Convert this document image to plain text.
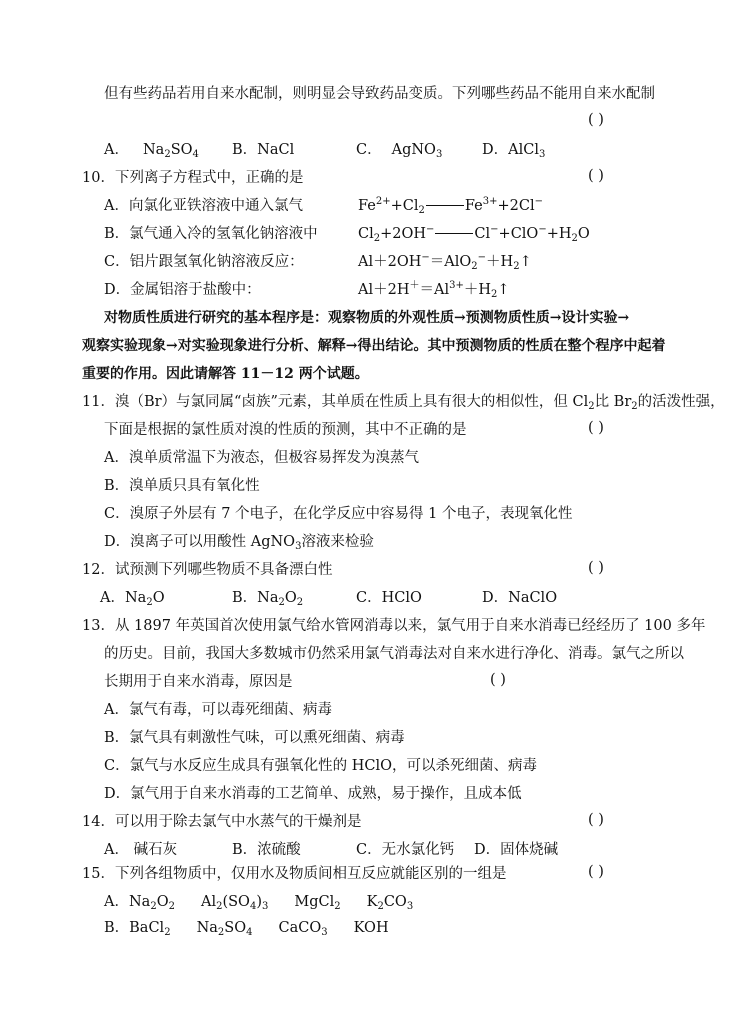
但有些药品若用自来水配制，则明显会导致药品变质。下列哪些药品不能用自来水配制
( )
A． $Na_2SO_4$ B．NaCl	C． AgNO$_3$	D．AlCl$_3$
10．下列离子方程式中，正确的是	( )
A．向氯化亚铁溶液中通入氯气	$Fe^{2+}+Cl_2$	$Fe^{3+}+2Cl^-$
B．氯气通入冷的氢氧化钠溶液中	$Cl_2+2OH^-$	$Cl^-+ClO^-+H_2O$
C．铝片跟氢氧化钠溶液反应：	$Al+2OH^-=AlO_2^-+H_2↑$
D．金属铝溶于盐酸中：	$Al+2H^+=Al^{3+}+H_2↑$
对物质性质进行研究的基本程序是：观察物质的外观性质→预测物质性质→设计实验→
观察实验现象→对实验现象进行分析、解释→得出结论。其中预测物质的性质在整个程序中起着
重要的作用。因此请解答 11－12 两个试题。
11．溴（Br）与氯同属“卤族”元素，其单质在性质上具有很大的相似性，但 $Cl_2$比 $Br_2$的活泼性强，
下面是根据的氯性质对溴的性质的预测，其中不正确的是	( )
A．溴单质常温下为液态，但极容易挥发为溴蒸气
B．溴单质只具有氧化性
C．溴原子外层有 7 个电子，在化学反应中容易得 1 个电子，表现氧化性
D．溴离子可以用酸性 AgNO$_3$溶液来检验
12．试预测下列哪些物质不具备漂白性	( )
A．$Na_2O$	B．$Na_2O_2$	C．HClO	D．NaClO
13．从 1897 年英国首次使用氯气给水管网消毒以来，氯气用于自来水消毒已经经历了 100 多年
的历史。目前，我国大多数城市仍然采用氯气消毒法对自来水进行净化、消毒。氯气之所以
长期用于自来水消毒，原因是	( )
A．氯气有毒，可以毒死细菌、病毒
B．氯气具有刺激性气味，可以熏死细菌、病毒
C．氯气与水反应生成具有强氧化性的 HClO，可以杀死细菌、病毒
D．氯气用于自来水消毒的工艺简单、成熟，易于操作，且成本低
14．可以用于除去氯气中水蒸气的干燥剂是	( )
A． 碱石灰	B．浓硫酸	C．无水氯化钙 D．固体烧碱
15．下列各组物质中，仅用水及物质间相互反应就能区别的一组是	( )
A．$Na_2O_2$ $Al_2(SO_4)_3$ MgCl$_2$ $K_2CO_3$
B．BaCl$_2$ $Na_2SO_4$ CaCO$_3$ KOH
